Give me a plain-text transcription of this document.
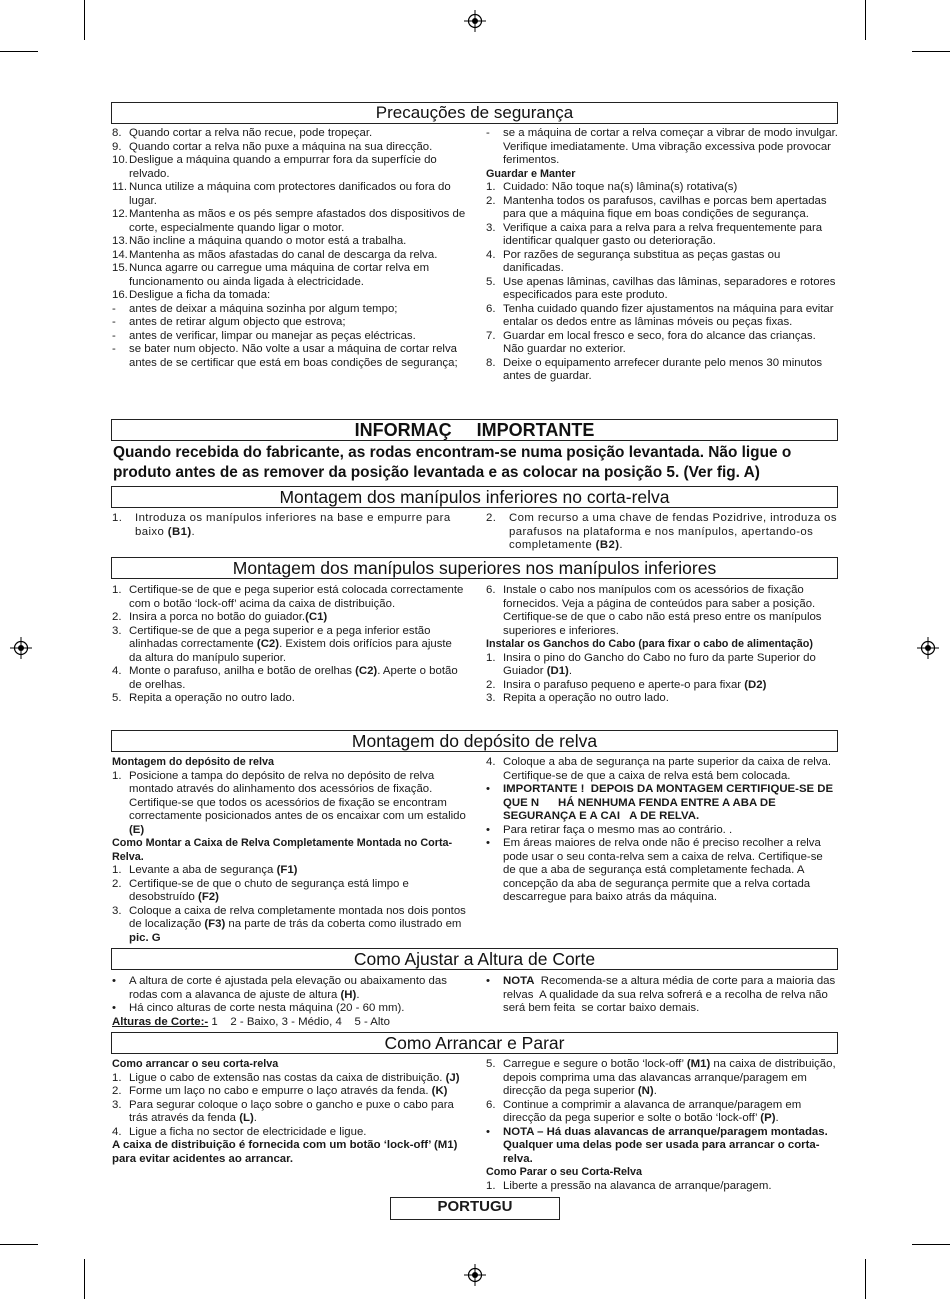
Precauções de segurança
8. Quando cortar a relva não recue, pode tropeçar.
9. Quando cortar a relva não puxe a máquina na sua direcção.
10. Desligue a máquina quando a empurrar fora da superfície do relvado.
11. Nunca utilize a máquina com protectores danificados ou fora do lugar.
12. Mantenha as mãos e os pés sempre afastados dos dispositivos de corte, especialmente quando ligar o motor.
13. Não incline a máquina quando o motor está a trabalha.
14. Mantenha as mãos afastadas do canal de descarga da relva.
15. Nunca agarre ou carregue uma máquina de cortar relva em funcionamento ou ainda ligada à electricidade.
16. Desligue a ficha da tomada:
- antes de deixar a máquina sozinha por algum tempo;
- antes de retirar algum objecto que estrova;
- antes de verificar, limpar ou manejar as peças eléctricas.
- se bater num objecto. Não volte a usar a máquina de cortar relva antes de se certificar que está em boas condições de segurança;
- se a máquina de cortar a relva começar a vibrar de modo invulgar. Verifique imediatamente. Uma vibração excessiva pode provocar ferimentos.
Guardar e Manter
1. Cuidado: Não toque na(s) lâmina(s) rotativa(s)
2. Mantenha todos os parafusos, cavilhas e porcas bem apertadas para que a máquina fique em boas condições de segurança.
3. Verifique a caixa para a relva para a relva frequentemente para identificar qualquer gasto ou deterioração.
4. Por razões de segurança substitua as peças gastas ou danificadas.
5. Use apenas lâminas, cavilhas das lâminas, separadores e rotores especificados para este produto.
6. Tenha cuidado quando fizer ajustamentos na máquina para evitar entalar os dedos entre as lâminas móveis ou peças fixas.
7. Guardar em local fresco e seco, fora do alcance das crianças. Não guardar no exterior.
8. Deixe o equipamento arrefecer durante pelo menos 30 minutos antes de guardar.
INFORMAÇ     IMPORTANTE
Quando recebida do fabricante, as rodas encontram-se numa posição levantada. Não ligue o produto antes de as remover da posição levantada e as colocar na posição 5. (Ver fig. A)
Montagem dos manípulos inferiores no corta-relva
1. Introduza os manípulos inferiores na base e empurre para baixo (B1).
2. Com recurso a uma chave de fendas Pozidrive, introduza os parafusos na plataforma e nos manípulos, apertando-os completamente (B2).
Montagem dos manípulos superiores nos manípulos inferiores
1. Certifique-se de que e pega superior está colocada correctamente com o botão ‘lock-off’ acima da caixa de distribuição.
2. Insira a porca no botão do guiador.(C1)
3. Certifique-se de que a pega superior e a pega inferior estão alinhadas correctamente (C2). Existem dois orifícios para ajuste da altura do manípulo superior.
4. Monte o parafuso, anilha e botão de orelhas (C2). Aperte o botão de orelhas.
5. Repita a operação no outro lado.
6. Instale o cabo nos manípulos com os acessórios de fixação fornecidos. Veja a página de conteúdos para saber a posição.
Certifique-se de que o cabo não está preso entre os manípulos superiores e inferiores.
Instalar os Ganchos do Cabo (para fixar o cabo de alimentação)
1. Insira o pino do Gancho do Cabo no furo da parte Superior do Guiador (D1).
2. Insira o parafuso pequeno e aperte-o para fixar (D2)
3. Repita a operação no outro lado.
Montagem do depósito de relva
Montagem do depósito de relva
1. Posicione a tampa do depósito de relva no depósito de relva montado através do alinhamento dos acessórios de fixação. Certifique-se que todos os acessórios de fixação se encontram correctamente posicionados antes de os encaixar com um estalido (E)
Como Montar a Caixa de Relva Completamente Montada no Corta-Relva.
1. Levante a aba de segurança (F1)
2. Certifique-se de que o chuto de segurança está limpo e desobstruído (F2)
3. Coloque a caixa de relva completamente montada nos dois pontos de localização (F3) na parte de trás da coberta como ilustrado em pic. G
4. Coloque a aba de segurança na parte superior da caixa de relva. Certifique-se de que a caixa de relva está bem colocada.
• IMPORTANTE !  DEPOIS DA MONTAGEM CERTIFIQUE-SE DE QUE N      HÁ NENHUMA FENDA ENTRE A ABA DE SEGURANÇA E A CAI   A DE RELVA.
• Para retirar faça o mesmo mas ao contrário. .
• Em áreas maiores de relva onde não é preciso recolher a relva pode usar o seu conta-relva sem a caixa de relva. Certifique-se de que a aba de segurança está completamente fechada. A concepção da aba de segurança permite que a relva cortada descarregue para baixo atrás da máquina.
Como Ajustar a Altura de Corte
• A altura de corte é ajustada pela elevação ou abaixamento das rodas com a alavanca de ajuste de altura (H).
• Há cinco alturas de corte nesta máquina (20 - 60 mm).
Alturas de Corte:- 1    2 - Baixo, 3 - Médio, 4    5 - Alto
• NOTA  Recomenda-se a altura média de corte para a maioria das relvas  A qualidade da sua relva sofrerá e a recolha de relva não será bem feita  se cortar baixo demais.
Como Arrancar e Parar
Como arrancar o seu corta-relva
1. Ligue o cabo de extensão nas costas da caixa de distribuição. (J)
2. Forme um laço no cabo e empurre o laço através da fenda. (K)
3. Para segurar coloque o laço sobre o gancho e puxe o cabo para trás através da fenda (L).
4. Ligue a ficha no sector de electricidade e ligue.
A caixa de distribuição é fornecida com um botão ‘lock-off’ (M1) para evitar acidentes ao arrancar.
5. Carregue e segure o botão ‘lock-off’ (M1) na caixa de distribuição, depois comprima uma das alavancas arranque/paragem em direcção da pega superior (N).
6. Continue a comprimir a alavanca de arranque/paragem em direcção da pega superior e solte o botão ‘lock-off’ (P).
• NOTA – Há duas alavancas de arranque/paragem montadas. Qualquer uma delas pode ser usada para arrancar o corta-relva.
Como Parar o seu Corta-Relva
1. Liberte a pressão na alavanca de arranque/paragem.
PORTUGU
